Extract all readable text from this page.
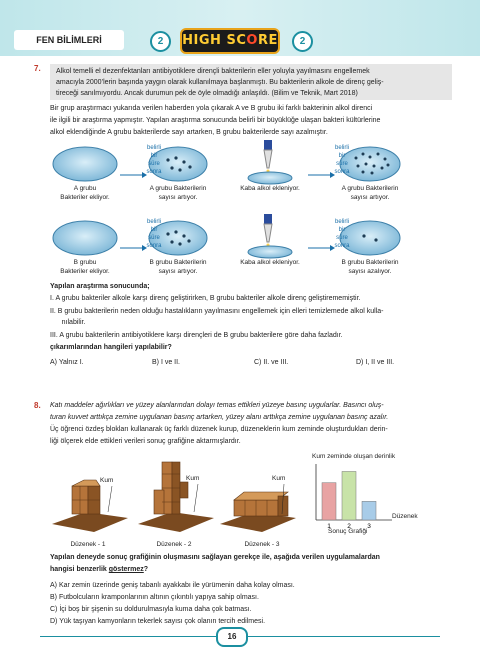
FEN BİLİMLERİ	2	HIGH SCORE	2
7. Alkol temelli el dezenfektanları antibiyotiklere dirençli bakterilerin eller yoluyla yayılmasını engellemek
amacıyla 2000’lerin başında yaygın olarak kullanılmaya başlanmıştı. Bu bakterilerin alkole de direnç geliş-
tireceği sanılmıyordu. Ancak durumun pek de öyle olmadığı anlaşıldı. (Bilim ve Teknik, Mart 2018)
Bir grup araştırmacı yukarıda verilen haberden yola çıkarak A ve B grubu iki farklı bakterinin alkol direnci
ile ilgili bir araştırma yapmıştır. Yapılan araştırma sonucunda belirli bir büyüklüğe ulaşan bakteri kültürlerine
alkol eklendiğinde A grubu bakterilerde sayı artarken, B grubu bakterilerde sayı azalmıştır.
belirli
bir
süre
sonra
belirli
bir
süre
sonra
belirli
bir
süre
sonra
belirli
bir
süre
sonra
A grubu
Bakteriler ekliyor.
A grubu Bakterilerin
sayısı artıyor.
Kaba alkol ekleniyor.	A grubu Bakterilerin
sayısı artıyor.
B grubu
Bakteriler ekliyor.
B grubu Bakterilerin
sayısı artıyor.
Kaba alkol ekleniyor.	B grubu Bakterilerin
sayısı azalıyor.
Yapılan araştırma sonucunda;
I. A grubu bakteriler alkole karşı direnç geliştirirken, B grubu bakteriler alkole direnç geliştirememiştir.
II. B grubu bakterilerin neden olduğu hastalıkların yayılmasını engellemek için elleri temizlemede alkol kulla-
nılabilir.
III. A grubu bakterilerin antibiyotiklere karşı dirençleri de B grubu bakterilere göre daha fazladır.
çıkarımlarından hangileri yapılabilir?
A) Yalnız I.	B) I ve II.	C) II. ve III.	D) I, II ve III.
8. Katı maddeler ağırlıkları ve yüzey alanlarından dolayı temas ettikleri yüzeye basınç uygularlar. Basıncı oluş-
turan kuvvet arttıkça zemine uygulanan basınç artarken, yüzey alanı arttıkça zemine uygulanan basınç azalır.
Üç öğrenci özdeş blokları kullanarak üç farklı düzenek kurup, düzeneklerin kum zeminde oluşturdukları derin-
liği ölçerek elde ettikleri verileri sonuç grafiğine aktarmışlardır.
Kum	Kum	Kum
Düzenek - 1	Düzenek - 2	Düzenek - 3
Kum zeminde oluşan derinlik
1	2	3
Düzenek
Sonuç Grafiği
Yapılan deneyde sonuç grafiğinin oluşmasını sağlayan gerekçe ile, aşağıda verilen uygulamalardan
hangisi benzerlik göstermez?
A) Kar zemin üzerinde geniş tabanlı ayakkabı ile yürümenin daha kolay olması.
B) Futbolcuların kramponlarının altının çıkıntılı yapıya sahip olması.
C) İçi boş bir şişenin su doldurulmasıyla kuma daha çok batması.
D) Yük taşıyan kamyonların tekerlek sayısı çok olanın tercih edilmesi.
16
